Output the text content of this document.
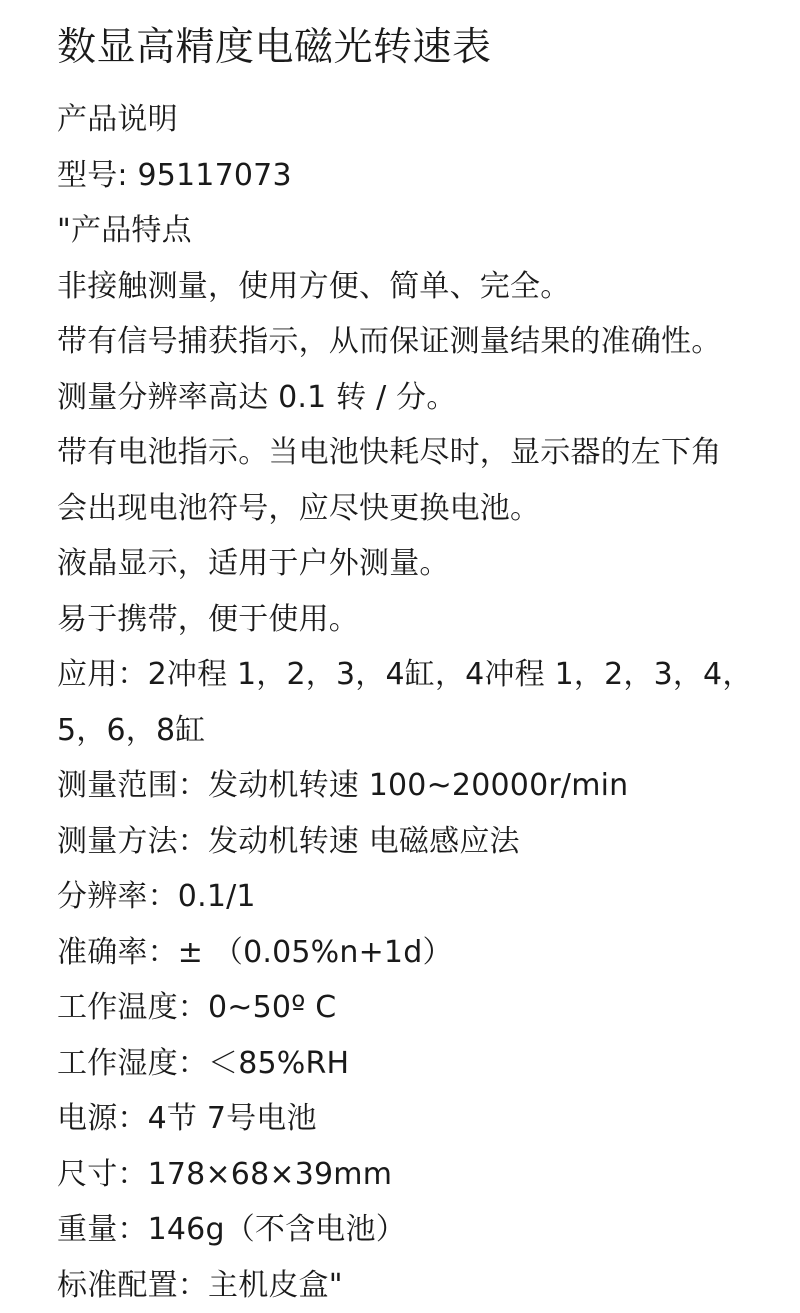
数显高精度电磁光转速表
产品说明
型号: 95117073
"产品特点
非接触测量，使用方便、简单、完全。
带有信号捕获指示，从而保证测量结果的准确性。
测量分辨率高达 0.1 转 / 分。
带有电池指示。当电池快耗尽时，显示器的左下角
会出现电池符号，应尽快更换电池。
液晶显示，适用于户外测量。
易于携带，便于使用。
应用：2冲程 1，2，3，4缸，4冲程 1，2，3，4，
5，6，8缸
测量范围：发动机转速 100~20000r/min
测量方法：发动机转速 电磁感应法
分辨率：0.1/1
准确率：± （0.05%n+1d）
工作温度：0~50º C
工作湿度：＜85%RH
电源：4节 7号电池
尺寸：178×68×39mm
重量：146g（不含电池）
标准配置：主机皮盒"
